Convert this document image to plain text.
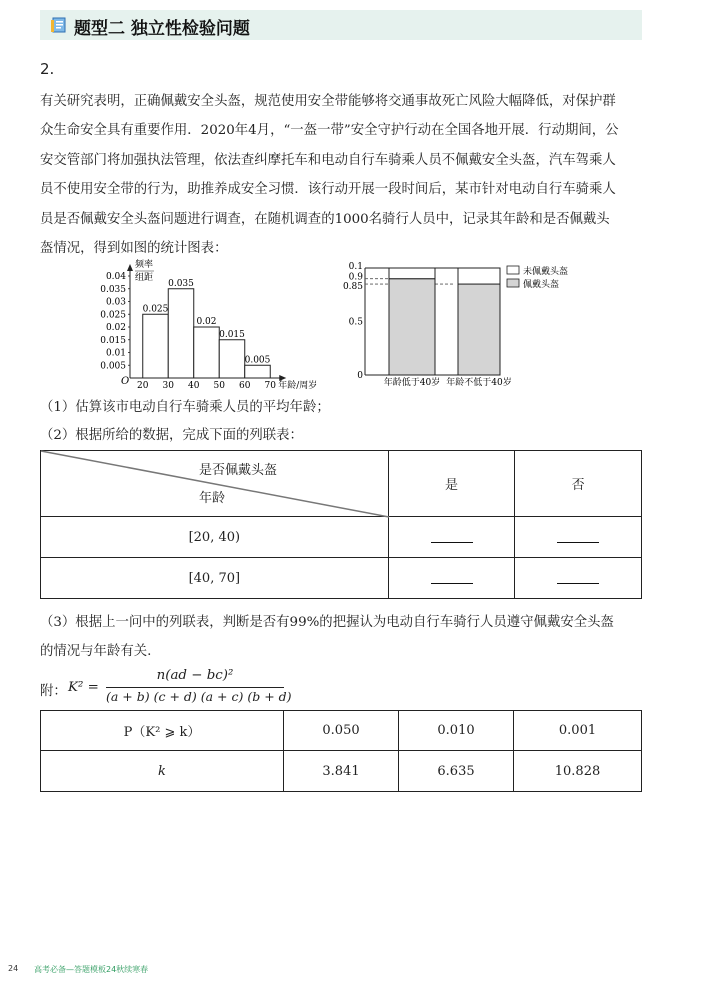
题型二 独立性检验问题
2.
有关研究表明，正确佩戴安全头盔，规范使用安全带能够将交通事故死亡风险大幅降低，对保护群
众生命安全具有重要作用．2020年4月，“一盔一带”安全守护行动在全国各地开展．行动期间，公
安交管部门将加强执法管理，依法查纠摩托车和电动自行车骑乘人员不佩戴安全头盔，汽车驾乘人
员不使用安全带的行为，助推养成安全习惯．该行动开展一段时间后，某市针对电动自行车骑乘人
员是否佩戴安全头盔问题进行调查，在随机调查的1000名骑行人员中，记录其年龄和是否佩戴头
盔情况，得到如图的统计图表：
O
频率
组距
年龄/周岁
0.005
0.01
0.015
0.02
0.025
0.03
0.035
0.04
20 30 40 50 60 70
0.025
0.035
0.02
0.015
0.005
0
0.5
0.85
0.9
0.1
年龄低于40岁 年龄不低于40岁
未佩戴头盔
佩戴头盔
（1）估算该市电动自行车骑乘人员的平均年龄；
（2）根据所给的数据，完成下面的列联表：
是否佩戴头盔
年龄	是	否
[20, 40)		
[40, 70]		
（3）根据上一问中的列联表，判断是否有99%的把握认为电动自行车骑行人员遵守佩戴安全头盔
的情况与年龄有关.
附： K² =
n(ad − bc)²
(a + b) (c + d) (a + c) (b + d)
P（K² ⩾ k）	0.050	0.010	0.001
k	3.841	6.635	10.828
24 高考必备—答题模板24秋续寒春
